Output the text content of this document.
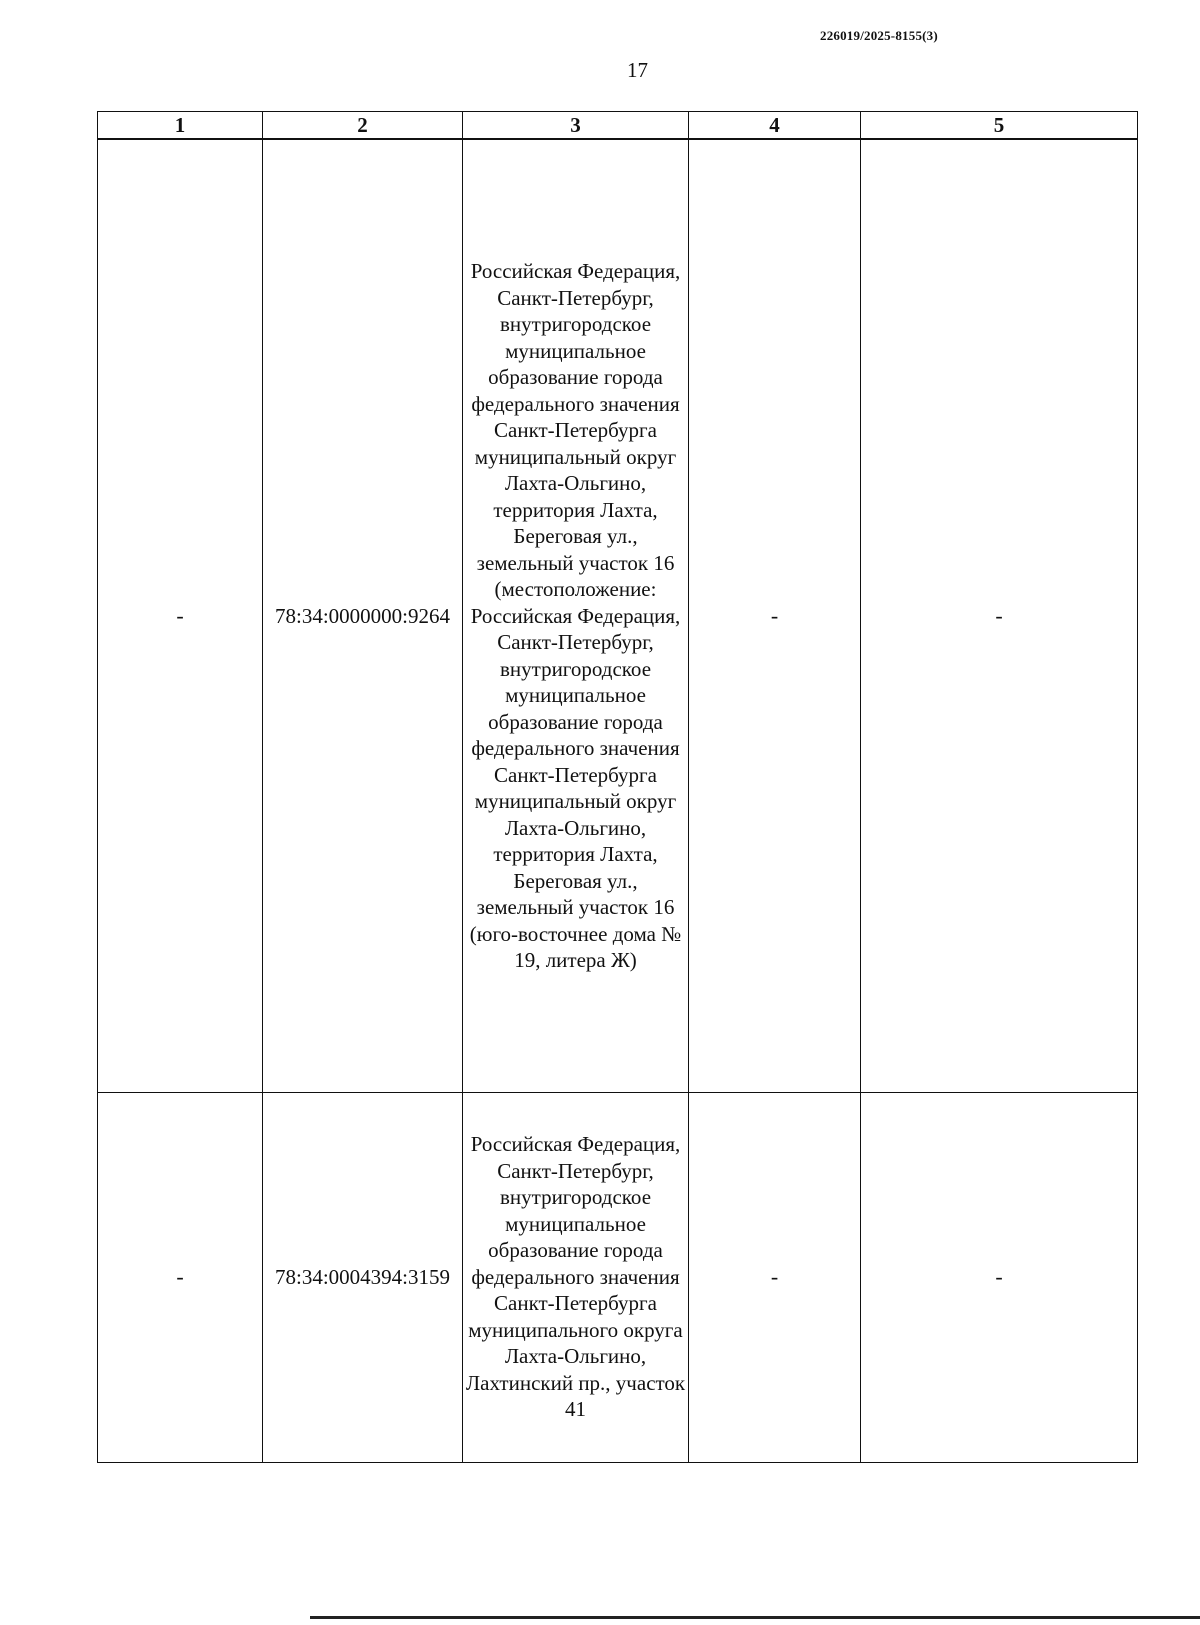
226019/2025-8155(3)
17
1	2	3	4	5
-	78:34:0000000:9264	Российская Федерация, Санкт-Петербург, внутригородское муниципальное образование города федерального значения Санкт-Петербурга муниципальный округ Лахта-Ольгино, территория Лахта, Береговая ул., земельный участок 16 (местоположение: Российская Федерация, Санкт-Петербург, внутригородское муниципальное образование города федерального значения Санкт-Петербурга муниципальный округ Лахта-Ольгино, территория Лахта, Береговая ул., земельный участок 16 (юго-восточнее дома № 19, литера Ж)	-	-
-	78:34:0004394:3159	Российская Федерация, Санкт-Петербург, внутригородское муниципальное образование города федерального значения Санкт-Петербурга муниципального округа Лахта-Ольгино, Лахтинский пр., участок 41	-	-
